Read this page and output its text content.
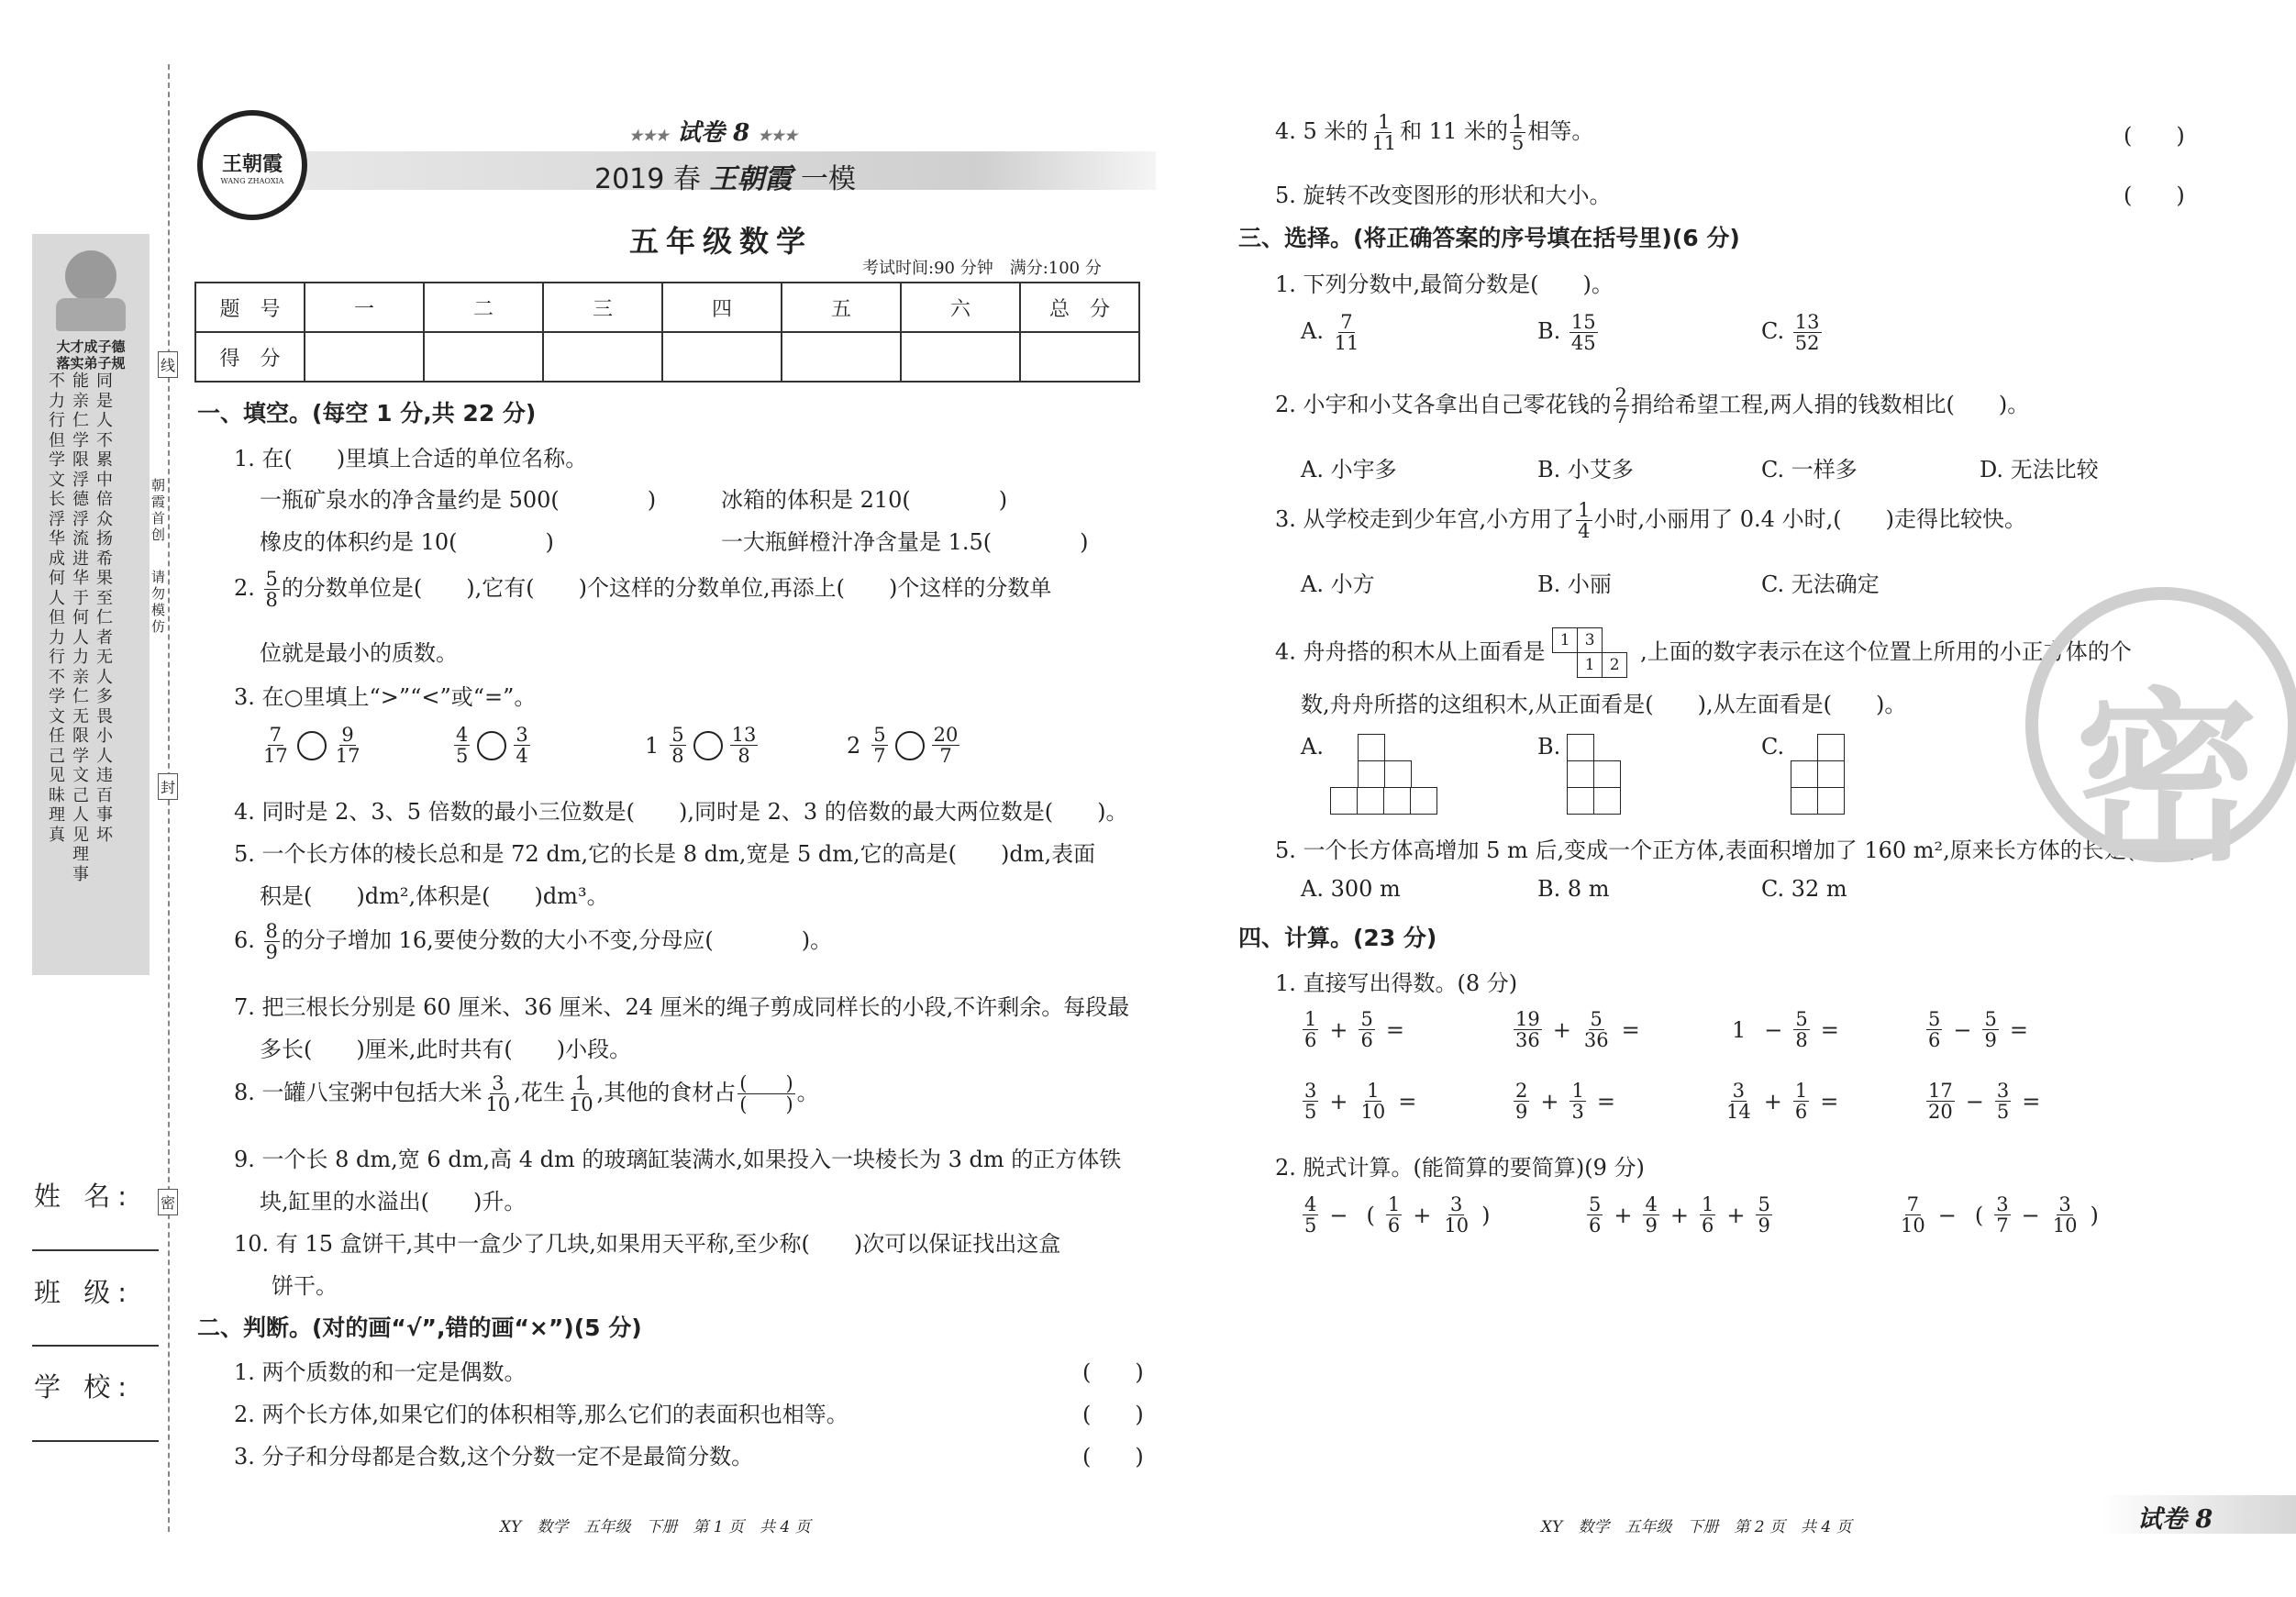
大才成子德
落实弟子规
不力行但学文长浮华成何人但力行不学文任己见昧理真
能亲仁学限浮德浮流进华于何人力亲仁无限学文己人见理事
同是人不累中倍众扬希果至仁者无人多畏小人违百事坏
线
封
密
朝霞首创
请勿模仿
姓 名:
班 级:
学 校:
王朝霞
WANG ZHAOXIA
★★★ 试卷 8 ★★★
2019 春 王朝霞 一模
五年级数学
考试时间:90 分钟　满分:100 分
题　号	一	二	三	四	五	六	总　分
得　分							
一、填空。(每空 1 分,共 22 分)
1. 在(　　)里填上合适的单位名称。
一瓶矿泉水的净含量约是 500(　　　　)	冰箱的体积是 210(　　　　)
橡皮的体积约是 10(　　　　)	一大瓶鲜橙汁净含量是 1.5(　　　　)
2. $\frac{5}{8}$ 的分数单位是(　　),它有(　　)个这样的分数单位,再添上(　　)个这样的分数单
位就是最小的质数。
3. 在○里填上“>”“<”或“=”。
$\frac{7}{17} \frac{9}{17}$	$\frac{4}{5} \frac{3}{4}$	$1 \frac{5}{8} \frac{13}{8}$	$2 \frac{5}{7} \frac{20}{7}$
4. 同时是 2、3、5 倍数的最小三位数是(　　),同时是 2、3 的倍数的最大两位数是(　　)。
5. 一个长方体的棱长总和是 72 dm,它的长是 8 dm,宽是 5 dm,它的高是(　　)dm,表面
积是(　　)dm²,体积是(　　)dm³。
6. $\frac{8}{9}$ 的分子增加 16,要使分数的大小不变,分母应(　　　　)。
7. 把三根长分别是 60 厘米、36 厘米、24 厘米的绳子剪成同样长的小段,不许剩余。每段最
多长(　　)厘米,此时共有(　　)小段。
8. 一罐八宝粥中包括大米 $\frac{3}{10}$ ,花生 $\frac{1}{10}$ ,其他的食材占 $\frac{( )}{( )}$ 。
9. 一个长 8 dm,宽 6 dm,高 4 dm 的玻璃缸装满水,如果投入一块棱长为 3 dm 的正方体铁
块,缸里的水溢出(　　)升。
10. 有 15 盒饼干,其中一盒少了几块,如果用天平称,至少称(　　)次可以保证找出这盒
饼干。
二、判断。(对的画“√”,错的画“×”)(5 分)
1. 两个质数的和一定是偶数。	(　　)
2. 两个长方体,如果它们的体积相等,那么它们的表面积也相等。	(　　)
3. 分子和分母都是合数,这个分数一定不是最简分数。	(　　)
4. 5 米的 $\frac{1}{11}$ 和 11 米的 $\frac{1}{5}$ 相等。	(　　)
5. 旋转不改变图形的形状和大小。	(　　)
三、选择。(将正确答案的序号填在括号里)(6 分)
1. 下列分数中,最简分数是(　　)。
A. $\frac{7}{11}$	B. $\frac{15}{45}$	C. $\frac{13}{52}$
2. 小宇和小艾各拿出自己零花钱的 $\frac{2}{7}$ 捐给希望工程,两人捐的钱数相比(　　)。
A. 小宇多	B. 小艾多	C. 一样多	D. 无法比较
3. 从学校走到少年宫,小方用了 $\frac{1}{4}$ 小时,小丽用了 0.4 小时,(　　)走得比较快。
A. 小方	B. 小丽	C. 无法确定
4. 舟舟搭的积木从上面看是 1 3
1 2
,上面的数字表示在这个位置上所用的小正方体的个
数,舟舟所搭的这组积木,从正面看是(　　),从左面看是(　　)。
A.	B.	C.
5. 一个长方体高增加 5 m 后,变成一个正方体,表面积增加了 160 m²,原来长方体的长是(　　)。
A. 300 m	B. 8 m	C. 32 m
四、计算。(23 分)
1. 直接写出得数。(8 分)
$\frac{1}{6} + \frac{5}{6}$ =	$\frac{19}{36} + \frac{5}{36}$ =	$1 - \frac{5}{8}$ =	$\frac{5}{6} - \frac{5}{9}$ =
$\frac{3}{5} + \frac{1}{10}$ =	$\frac{2}{9} + \frac{1}{3}$ =	$\frac{3}{14} + \frac{1}{6}$ =	$\frac{17}{20} - \frac{3}{5}$ =
2. 脱式计算。(能简算的要简算)(9 分)
$\frac{4}{5}$ − ( $\frac{1}{6} + \frac{3}{10}$ )	$\frac{5}{6} + \frac{4}{9} + \frac{1}{6} + \frac{5}{9}$	$\frac{7}{10}$ − ( $\frac{3}{7} - \frac{3}{10}$ )
密
XY　数学　五年级　下册　第 1 页　共 4 页	XY　数学　五年级　下册　第 2 页　共 4 页	试卷 8
